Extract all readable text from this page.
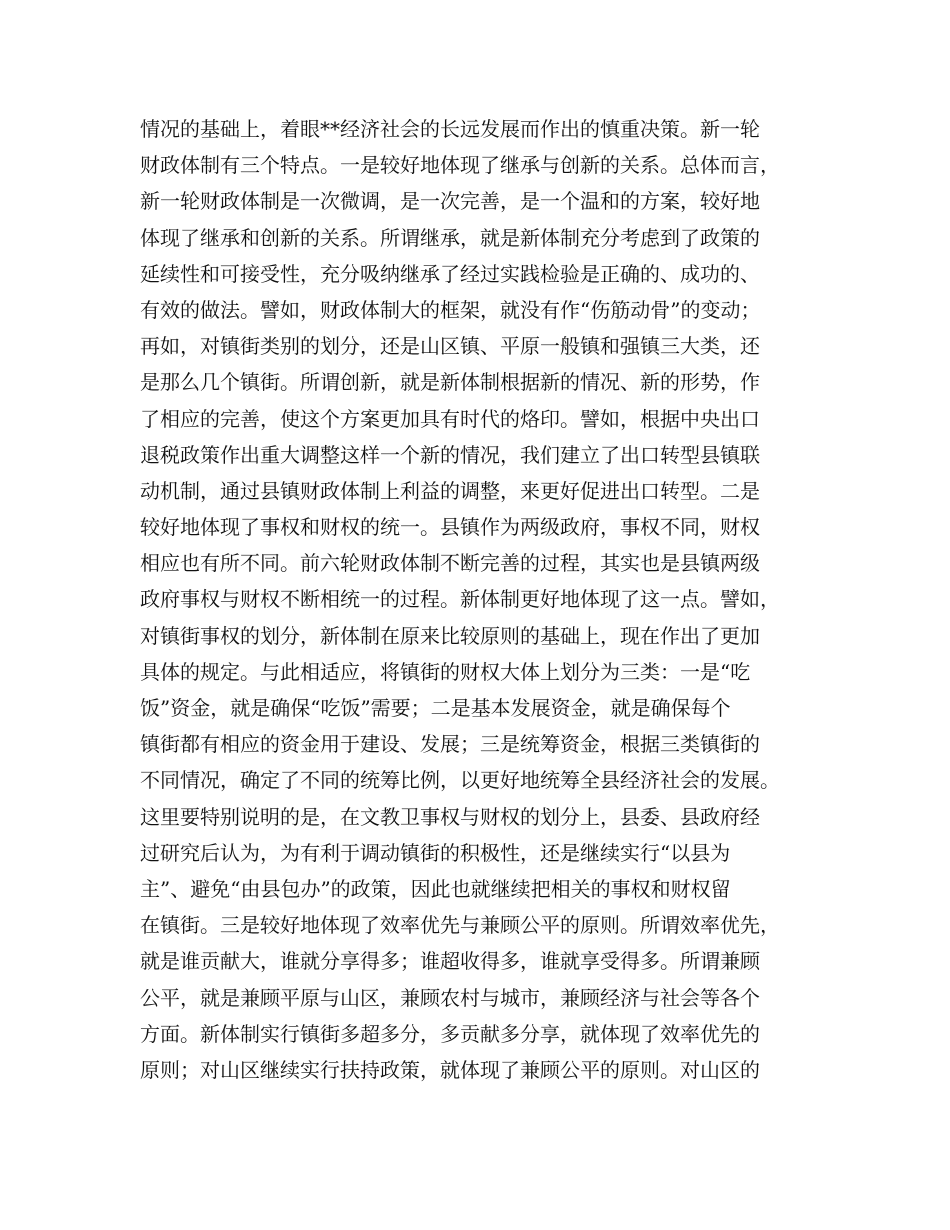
情况的基础上，着眼**经济社会的长远发展而作出的慎重决策。新一轮
财政体制有三个特点。一是较好地体现了继承与创新的关系。总体而言，
新一轮财政体制是一次微调，是一次完善，是一个温和的方案，较好地
体现了继承和创新的关系。所谓继承，就是新体制充分考虑到了政策的
延续性和可接受性，充分吸纳继承了经过实践检验是正确的、成功的、
有效的做法。譬如，财政体制大的框架，就没有作“伤筋动骨”的变动；
再如，对镇街类别的划分，还是山区镇、平原一般镇和强镇三大类，还
是那么几个镇街。所谓创新，就是新体制根据新的情况、新的形势，作
了相应的完善，使这个方案更加具有时代的烙印。譬如，根据中央出口
退税政策作出重大调整这样一个新的情况，我们建立了出口转型县镇联
动机制，通过县镇财政体制上利益的调整，来更好促进出口转型。二是
较好地体现了事权和财权的统一。县镇作为两级政府，事权不同，财权
相应也有所不同。前六轮财政体制不断完善的过程，其实也是县镇两级
政府事权与财权不断相统一的过程。新体制更好地体现了这一点。譬如，
对镇街事权的划分，新体制在原来比较原则的基础上，现在作出了更加
具体的规定。与此相适应，将镇街的财权大体上划分为三类：一是“吃
饭”资金，就是确保“吃饭”需要；二是基本发展资金，就是确保每个
镇街都有相应的资金用于建设、发展；三是统筹资金，根据三类镇街的
不同情况，确定了不同的统筹比例，以更好地统筹全县经济社会的发展。
这里要特别说明的是，在文教卫事权与财权的划分上，县委、县政府经
过研究后认为，为有利于调动镇街的积极性，还是继续实行“以县为
主”、避免“由县包办”的政策，因此也就继续把相关的事权和财权留
在镇街。三是较好地体现了效率优先与兼顾公平的原则。所谓效率优先，
就是谁贡献大，谁就分享得多；谁超收得多，谁就享受得多。所谓兼顾
公平，就是兼顾平原与山区，兼顾农村与城市，兼顾经济与社会等各个
方面。新体制实行镇街多超多分，多贡献多分享，就体现了效率优先的
原则；对山区继续实行扶持政策，就体现了兼顾公平的原则。对山区的
